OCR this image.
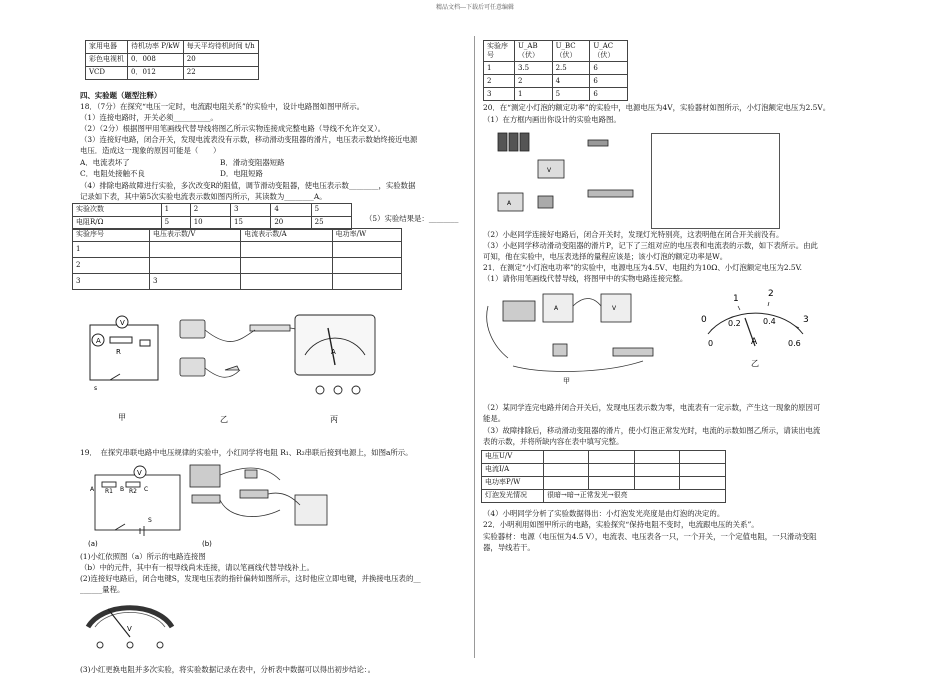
精品文档---下载后可任意编辑
家用电器	待机功率 P/kW	每天平均待机时间 t/h
彩色电视机	0．008	20
VCD	0．012	22
四、实验题（题型注释）
18．（7分）在探究“电压一定时，电流跟电阻关系”的实验中，设计电路图如图甲所示。
（1）连接电路时，开关必须__________。
（2）（2分）根据图甲用笔画线代替导线将图乙所示实物连接成完整电路（导线不允许交叉）。
（3）连接好电路，闭合开关，发现电流表没有示数，移动滑动变阻器的滑片，电压表示数始终接近电源
电压．造成这一现象的原因可能是（　　）
A．电流表坏了	B．滑动变阻器短路
C．电阻处接触不良	D．电阻短路
（4）排除电路故障进行实验，多次改变R的阻值，调节滑动变阻器，使电压表示数________，实验数据
记录如下表，其中第5次实验电流表示数如图丙所示，其读数为________A。
实验次数	1	2	3	4	5
电阻R/Ω	5	10	15	20	25	（5）实验结果是：________
实验序号	电压表示数/V	电流表示数/A	电功率/W
1			
2			
3	3		
A
V
R
s
甲	乙
A
丙
19．　在探究串联电路中电压规律的实验中，小红同学将电阻 R₁、R₂串联后接到电源上，如图a所示。
V
A R1 B R2 C
S
(a)	(b)
(1)小红依照图（a）所示的电路连接图
（b）中的元件，其中有一根导线尚未连接，请以笔画线代替导线补上。
(2)连接好电路后，闭合电键S，发现电压表的指针偏转如图所示，这时他应立即电键，并换接电压表的__
______量程。
V
(3)小红更换电阻并多次实验，将实验数据记录在表中，分析表中数据可以得出初步结论：。
实验序号	U_AB（伏）	U_BC（伏）	U_AC（伏）
1	3.5	2.5	6
2	2	4	6
3	1	5	6
20．在“测定小灯泡的额定功率”的实验中，电源电压为4V，实验器材如图所示，小灯泡额定电压为2.5V。
（1）在方框内画出你设计的实验电路图。
V
A
（2）小赵同学连接好电路后，闭合开关时，发现灯光特别亮，这表明他在闭合开关前没有。
（3）小赵同学移动滑动变阻器的滑片P，记下了三组对应的电压表和电流表的示数，如下表所示。由此
可知，他在实验中，电压表选择的量程应该是；该小灯泡的额定功率是W。
21．在测定“小灯泡电功率”的实验中，电源电压为4.5V、电阻约为10Ω、小灯泡额定电压为2.5V.
（1）请你用笔画线代替导线，将图甲中的实物电路连接完整。
A	V
甲
0
1	2
3
0
0.2	0.4
0.6
A
乙
（2）某同学连完电路并闭合开关后，发现电压表示数为零，电流表有一定示数，产生这一现象的原因可
能是。
（3）故障排除后，移动滑动变阻器的滑片，使小灯泡正常发光时，电流的示数如图乙所示，请读出电流
表的示数，并将所缺内容在表中填写完整。
电压U/V				
电流I/A				
电功率P/W				
灯泡发光情况	很暗→暗→正常发光→很亮			
（4）小明同学分析了实验数据得出：小灯泡发光亮度是由灯泡的决定的。
22．小明利用如图甲所示的电路，实验探究“保持电阻不变时，电流跟电压的关系”。
实验器材：电源（电压恒为4.5 V），电流表、电压表各一只，一个开关，一个定值电阻，一只滑动变阻
器，导线若干。
